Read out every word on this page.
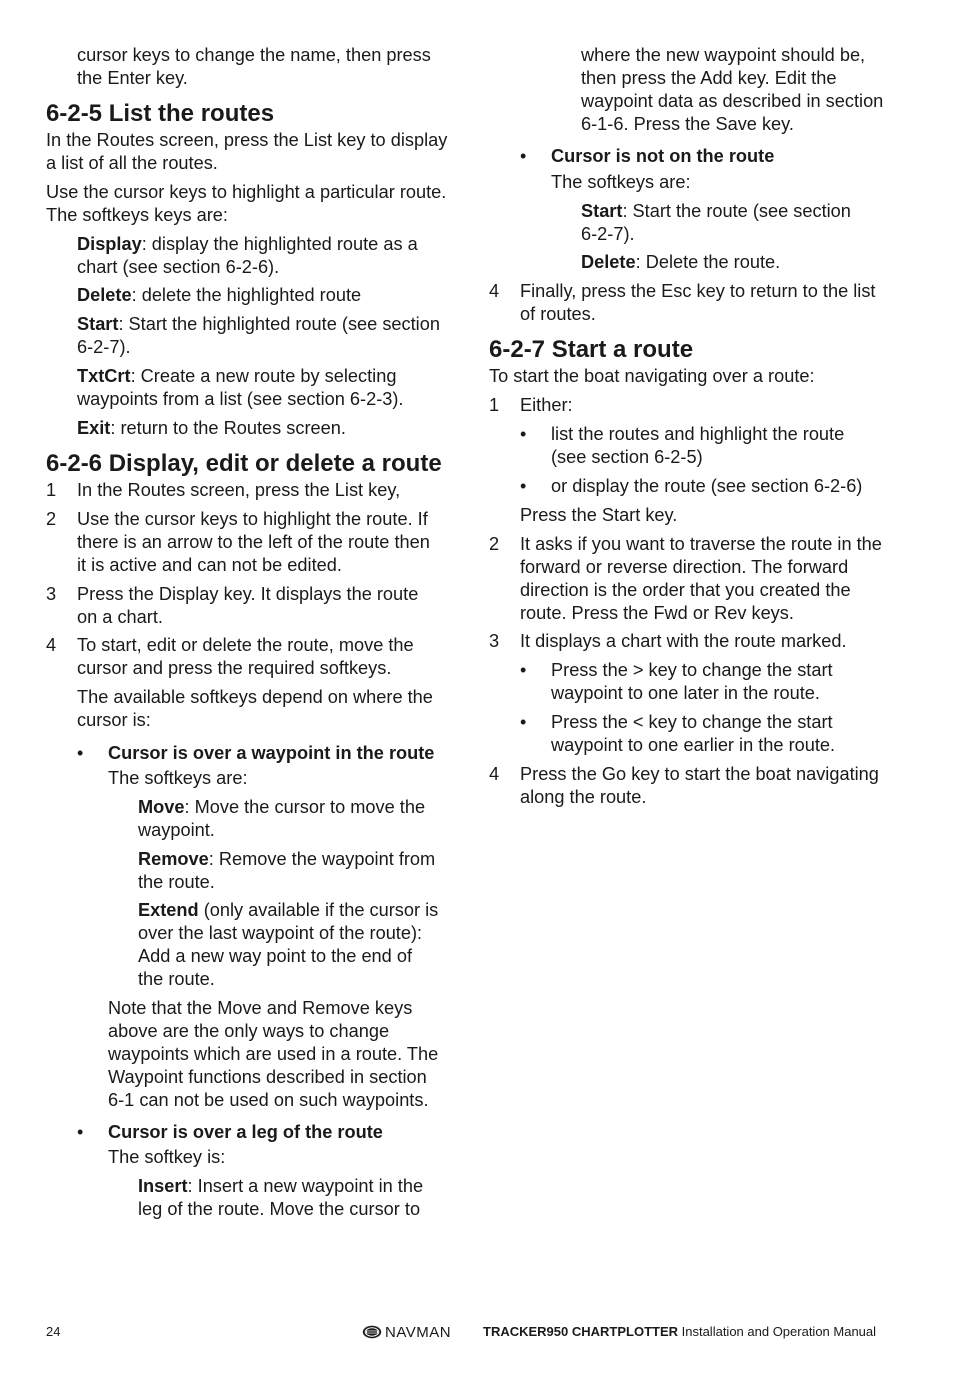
cursor keys to change the name, then press
the Enter key.

6-2-5 List the routes

In the Routes screen, press the List key to display
a list of all the routes.

Use the cursor keys to highlight a particular route.
The softkeys keys are:

Display: display the highlighted route as a
chart (see section 6-2-6).

Delete: delete the highlighted route

Start: Start the highlighted route (see section
6-2-7).

TxtCrt: Create a new route by selecting
waypoints from a list (see section 6-2-3).

Exit: return to the Routes screen.

6-2-6 Display, edit or delete a route
1 In the Routes screen, press the List key,

2 Use the cursor keys to highlight the route. If
there is an arrow to the left of the route then
it is active and can not be edited.

3 Press the Display key. It displays the route
on a chart.

4 To start, edit or delete the route, move the
cursor and press the required softkeys.

The available softkeys depend on where the
cursor is:

• Cursor is over a waypoint in the route

The softkeys are:

Move: Move the cursor to move the
waypoint.

Remove: Remove the waypoint from
the route.

Extend (only available if the cursor is
over the last waypoint of the route):
Add a new way point to the end of
the route.

Note that the Move and Remove keys
above are the only ways to change
waypoints which are used in a route. The
Waypoint functions described in section
6-1 can not be used on such waypoints.

• Cursor is over a leg of the route

The softkey is:

Insert: Insert a new waypoint in the
leg of the route. Move the cursor to

where the new waypoint should be,
then press the Add key. Edit the
waypoint data as described in section
6-1-6. Press the Save key.

• Cursor is not on the route

The softkeys are:

Start: Start the route (see section
6-2-7).

Delete: Delete the route.

4 Finally, press the Esc key to return to the list
of routes.

6-2-7 Start a route

To start the boat navigating over a route:

1 Either:

• list the routes and highlight the route
(see section 6-2-5)

• or display the route (see section 6-2-6)

Press the Start key.

2 It asks if you want to traverse the route in the
forward or reverse direction. The forward
direction is the order that you created the
route. Press the Fwd or Rev keys.

3 It displays a chart with the route marked.

• Press the > key to change the start
waypoint to one later in the route.

• Press the < key to change the start
waypoint to one earlier in the route.

4 Press the Go key to start the boat navigating
along the route.

24	NAVMAN TRACKER950 CHARTPLOTTER Installation and Operation Manual
